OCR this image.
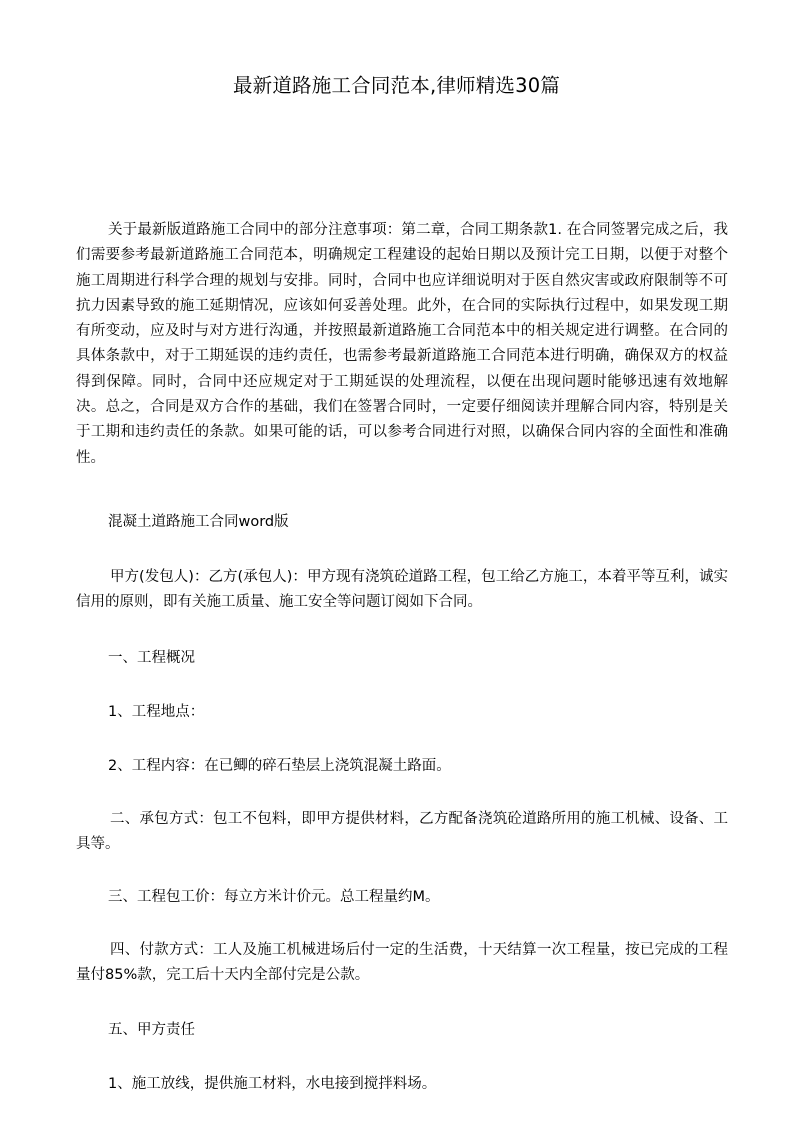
最新道路施工合同范本,律师精选30篇
关于最新版道路施工合同中的部分注意事项：第二章，合同工期条款1. 在合同签署完成之后，我们需要参考最新道路施工合同范本，明确规定工程建设的起始日期以及预计完工日期，以便于对整个施工周期进行科学合理的规划与安排。同时，合同中也应详细说明对于医自然灾害或政府限制等不可抗力因素导致的施工延期情况，应该如何妥善处理。此外，在合同的实际执行过程中，如果发现工期有所变动，应及时与对方进行沟通，并按照最新道路施工合同范本中的相关规定进行调整。在合同的具体条款中，对于工期延误的违约责任，也需参考最新道路施工合同范本进行明确，确保双方的权益得到保障。同时，合同中还应规定对于工期延误的处理流程，以便在出现问题时能够迅速有效地解决。总之，合同是双方合作的基础，我们在签署合同时，一定要仔细阅读并理解合同内容，特别是关于工期和违约责任的条款。如果可能的话，可以参考合同进行对照，以确保合同内容的全面性和准确性。
混凝土道路施工合同word版
甲方(发包人)：乙方(承包人)：甲方现有浇筑砼道路工程，包工给乙方施工，本着平等互利，诚实信用的原则，即有关施工质量、施工安全等问题订阅如下合同。
一、工程概况
1、工程地点：
2、工程内容：在已鲫的碎石垫层上浇筑混凝土路面。
二、承包方式：包工不包料，即甲方提供材料，乙方配备浇筑砼道路所用的施工机械、设备、工具等。
三、工程包工价：每立方米计价元。总工程量约M。
四、付款方式：工人及施工机械进场后付一定的生活费，十天结算一次工程量，按已完成的工程量付85%款，完工后十天内全部付完是公款。
五、甲方责任
1、施工放线，提供施工材料，水电接到搅拌料场。
